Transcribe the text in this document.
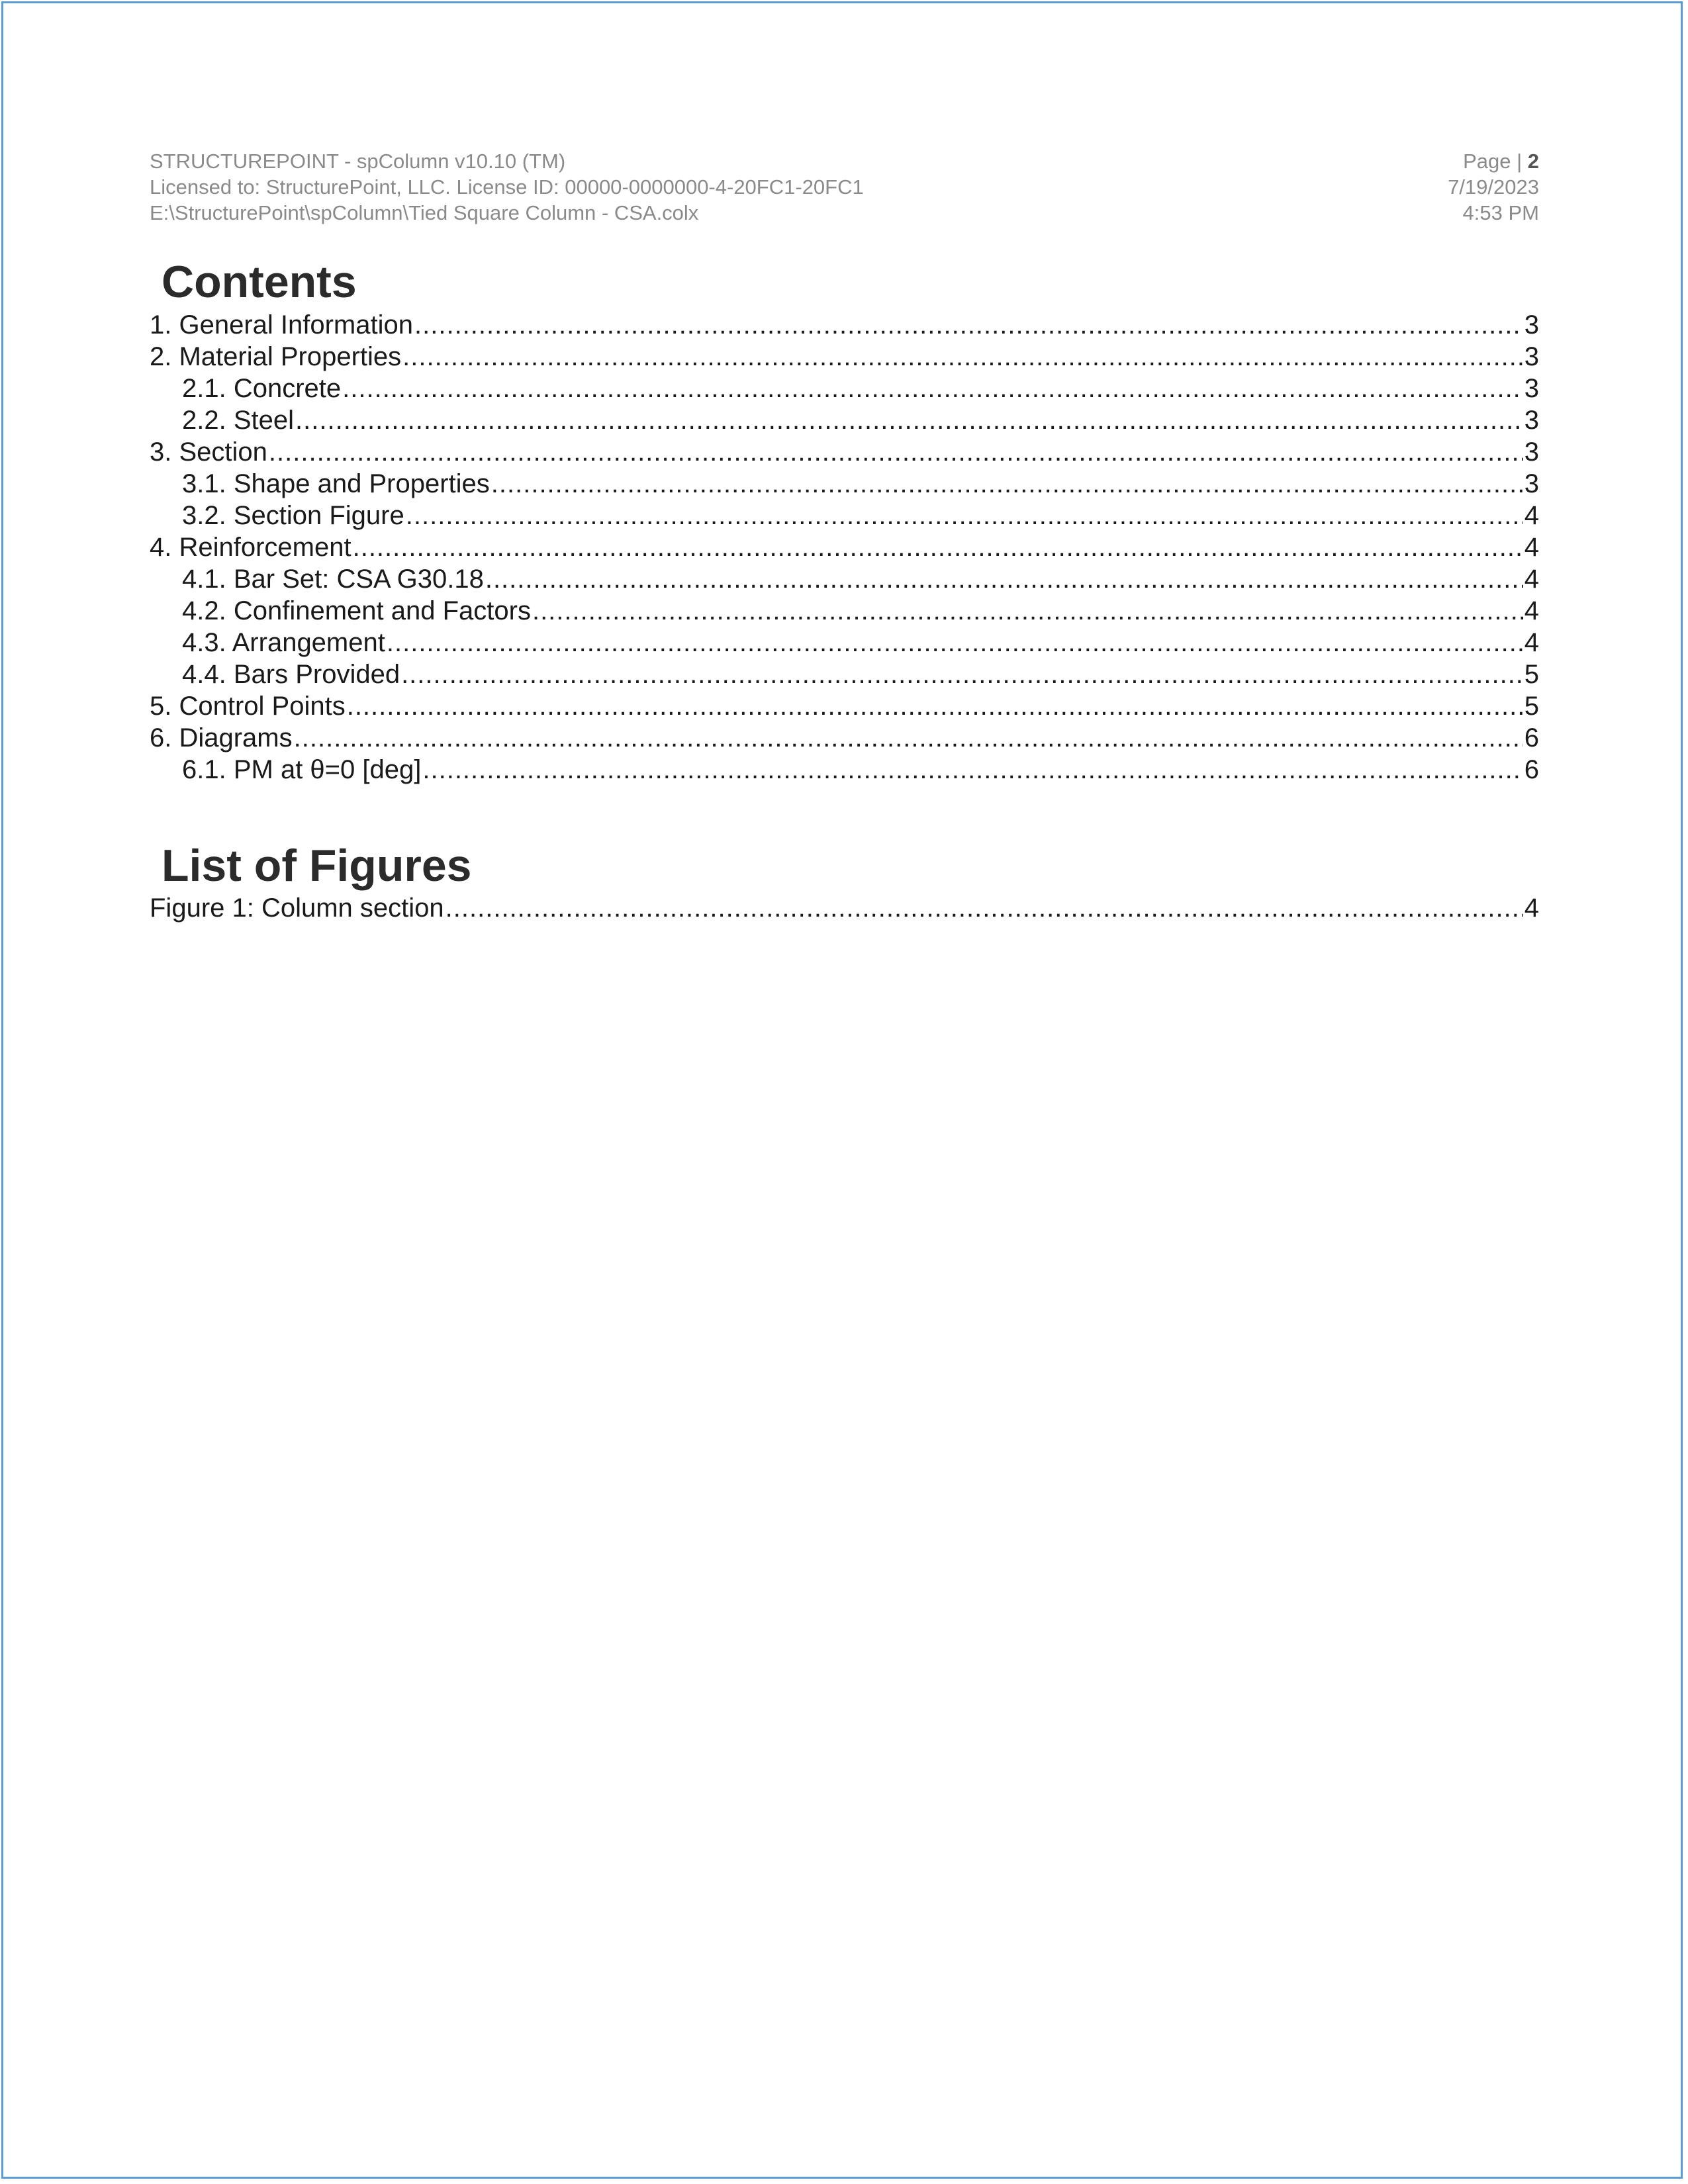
STRUCTUREPOINT - spColumn v10.10 (TM)
Licensed to: StructurePoint, LLC. License ID: 00000-0000000-4-20FC1-20FC1
E:\StructurePoint\spColumn\Tied Square Column - CSA.colx
Page | 2
7/19/2023
4:53 PM
Contents
1. General Information .....	3
2. Material Properties .....	3
2.1. Concrete .....	3
2.2. Steel .....	3
3. Section .....	3
3.1. Shape and Properties .....	3
3.2. Section Figure .....	4
4. Reinforcement .....	4
4.1. Bar Set: CSA G30.18 .....	4
4.2. Confinement and Factors .....	4
4.3. Arrangement .....	4
4.4. Bars Provided .....	5
5. Control Points .....	5
6. Diagrams .....	6
6.1. PM at θ=0 [deg] .....	6
List of Figures
Figure 1: Column section .....	4
